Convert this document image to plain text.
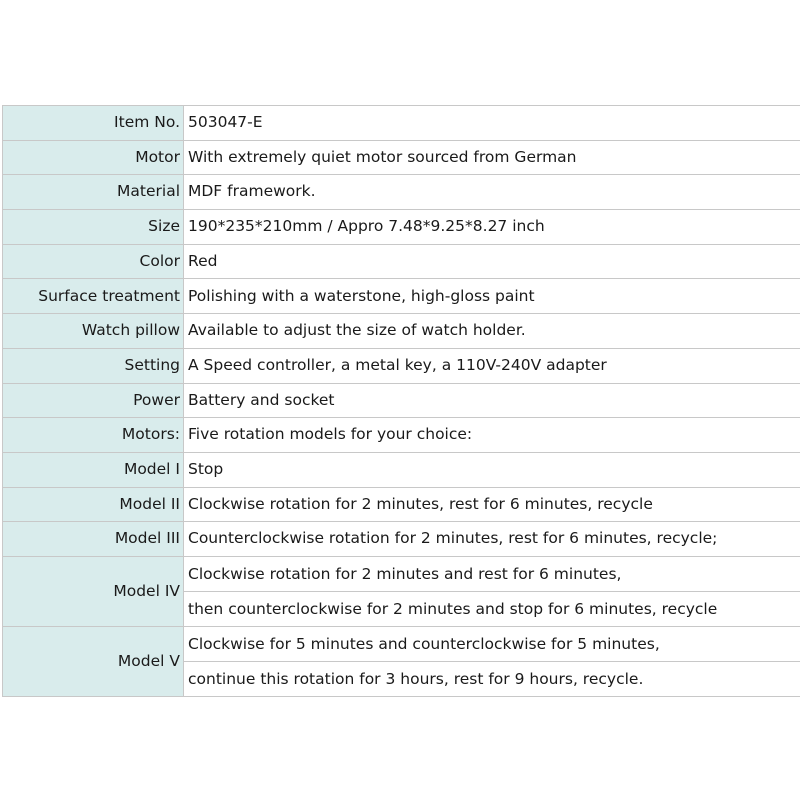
Item No.	503047-E
Motor	With extremely quiet motor sourced from German
Material	MDF framework.
Size	190*235*210mm / Appro 7.48*9.25*8.27 inch
Color	Red
Surface treatment	Polishing with a waterstone, high-gloss paint
Watch pillow	Available to adjust the size of watch holder.
Setting	A Speed controller, a metal key, a 110V-240V adapter
Power	Battery and socket
Motors:	Five rotation models for your choice:
Model I	Stop
Model II	Clockwise rotation for 2 minutes, rest for 6 minutes, recycle
Model III	Counterclockwise rotation for 2 minutes, rest for 6 minutes, recycle;
Model IV	Clockwise rotation for 2 minutes and rest for 6 minutes,
then counterclockwise for 2 minutes and stop for 6 minutes, recycle

Model V	Clockwise for 5 minutes and counterclockwise for 5 minutes,
continue this rotation for 3 hours, rest for 9 hours, recycle.
